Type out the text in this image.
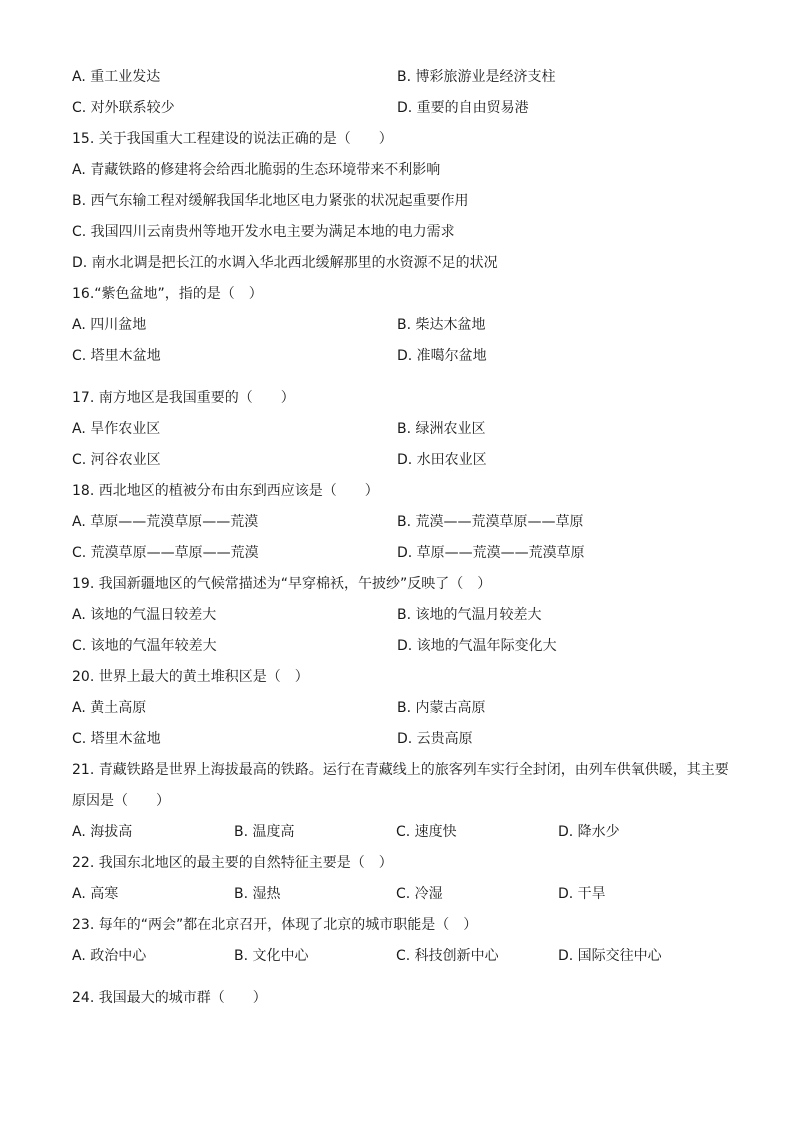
A. 重工业发达	B. 博彩旅游业是经济支柱
C. 对外联系较少	D. 重要的自由贸易港
15. 关于我国重大工程建设的说法正确的是（　　）
A. 青藏铁路的修建将会给西北脆弱的生态环境带来不利影响
B. 西气东输工程对缓解我国华北地区电力紧张的状况起重要作用
C. 我国四川云南贵州等地开发水电主要为满足本地的电力需求
D. 南水北调是把长江的水调入华北西北缓解那里的水资源不足的状况
16.“紫色盆地”，指的是（　）
A. 四川盆地	B. 柴达木盆地
C. 塔里木盆地	D. 准噶尔盆地
17. 南方地区是我国重要的（　　）
A. 旱作农业区	B. 绿洲农业区
C. 河谷农业区	D. 水田农业区
18. 西北地区的植被分布由东到西应该是（　　）
A. 草原——荒漠草原——荒漠	B. 荒漠——荒漠草原——草原
C. 荒漠草原——草原——荒漠	D. 草原——荒漠——荒漠草原
19. 我国新疆地区的气候常描述为“早穿棉袄，午披纱”反映了（　）
A. 该地的气温日较差大	B. 该地的气温月较差大
C. 该地的气温年较差大	D. 该地的气温年际变化大
20. 世界上最大的黄土堆积区是（　）
A. 黄土高原	B. 内蒙古高原
C. 塔里木盆地	D. 云贵高原
21. 青藏铁路是世界上海拔最高的铁路。运行在青藏线上的旅客列车实行全封闭，由列车供氧供暖，其主要原因是（　　）
A. 海拔高	B. 温度高	C. 速度快	D. 降水少
22. 我国东北地区的最主要的自然特征主要是（　）
A. 高寒	B. 湿热	C. 冷湿	D. 干旱
23. 每年的“两会”都在北京召开，体现了北京的城市职能是（　）
A. 政治中心	B. 文化中心	C. 科技创新中心	D. 国际交往中心
24. 我国最大的城市群（　　）
